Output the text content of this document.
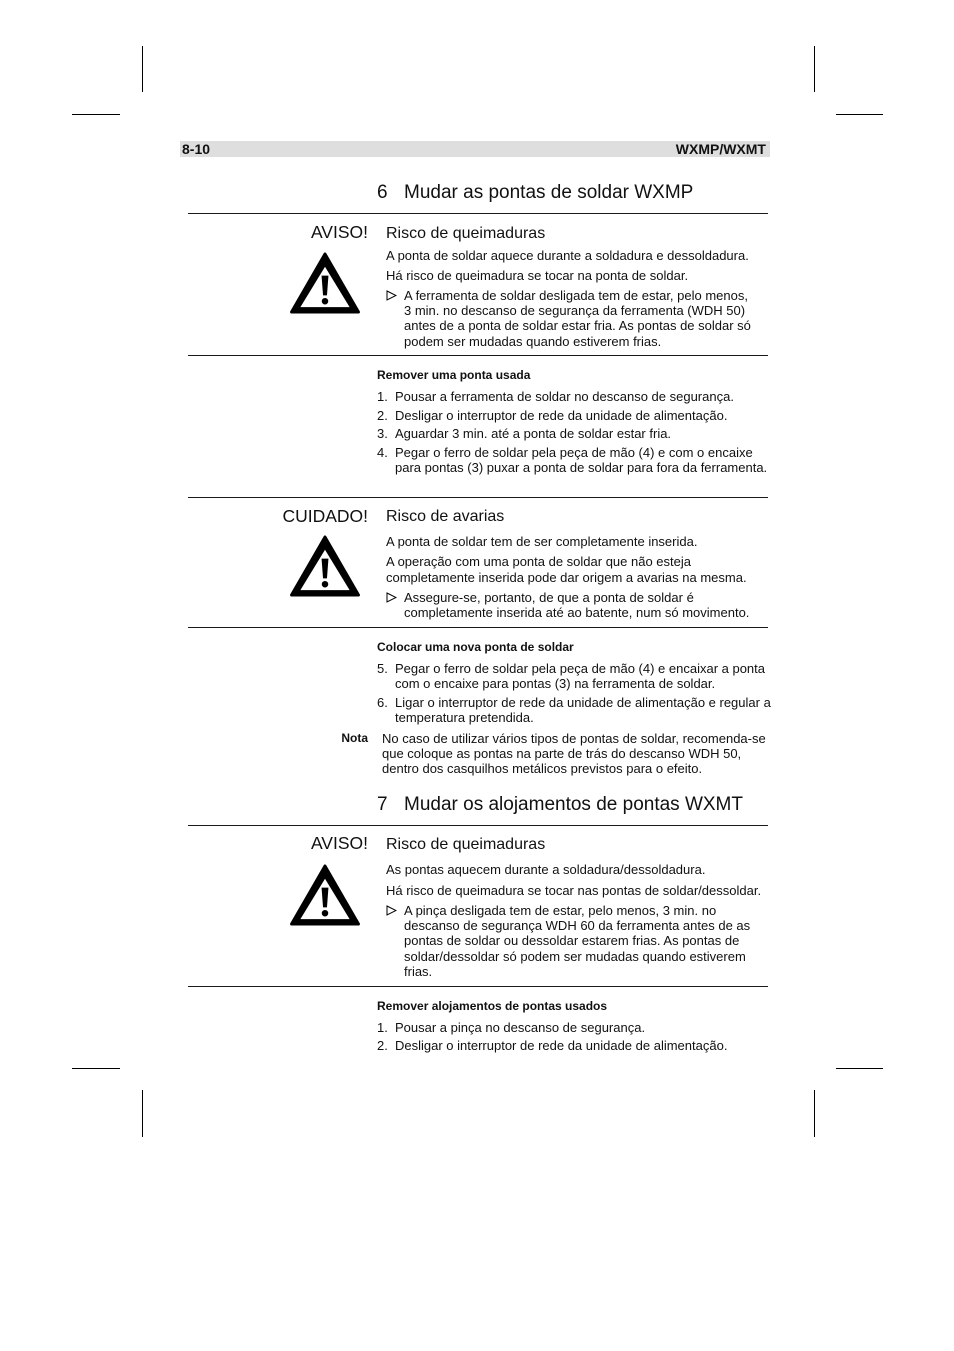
8-10	WXMP/WXMT
6 Mudar as pontas de soldar WXMP
AVISO! Risco de queimaduras
A ponta de soldar aquece durante a soldadura e dessoldadura.
Há risco de queimadura se tocar na ponta de soldar.
A ferramenta de soldar desligada tem de estar, pelo menos,
3 min. no descanso de segurança da ferramenta (WDH 50)
antes de a ponta de soldar estar fria. As pontas de soldar só
podem ser mudadas quando estiverem frias.
Remover uma ponta usada
1. Pousar a ferramenta de soldar no descanso de segurança.
2. Desligar o interruptor de rede da unidade de alimentação.
3. Aguardar 3 min. até a ponta de soldar estar fria.
4. Pegar o ferro de soldar pela peça de mão (4) e com o encaixe
para pontas (3) puxar a ponta de soldar para fora da ferramenta.
CUIDADO! Risco de avarias
A ponta de soldar tem de ser completamente inserida.
A operação com uma ponta de soldar que não esteja
completamente inserida pode dar origem a avarias na mesma.
Assegure-se, portanto, de que a ponta de soldar é
completamente inserida até ao batente, num só movimento.
Colocar uma nova ponta de soldar
5. Pegar o ferro de soldar pela peça de mão (4) e encaixar a ponta
com o encaixe para pontas (3) na ferramenta de soldar.
6. Ligar o interruptor de rede da unidade de alimentação e regular a
temperatura pretendida.
Nota No caso de utilizar vários tipos de pontas de soldar, recomenda-se
que coloque as pontas na parte de trás do descanso WDH 50,
dentro dos casquilhos metálicos previstos para o efeito.
7 Mudar os alojamentos de pontas WXMT
AVISO! Risco de queimaduras
As pontas aquecem durante a soldadura/dessoldadura.
Há risco de queimadura se tocar nas pontas de soldar/dessoldar.
A pinça desligada tem de estar, pelo menos, 3 min. no
descanso de segurança WDH 60 da ferramenta antes de as
pontas de soldar ou dessoldar estarem frias. As pontas de
soldar/dessoldar só podem ser mudadas quando estiverem
frias.
Remover alojamentos de pontas usados
1. Pousar a pinça no descanso de segurança.
2. Desligar o interruptor de rede da unidade de alimentação.
